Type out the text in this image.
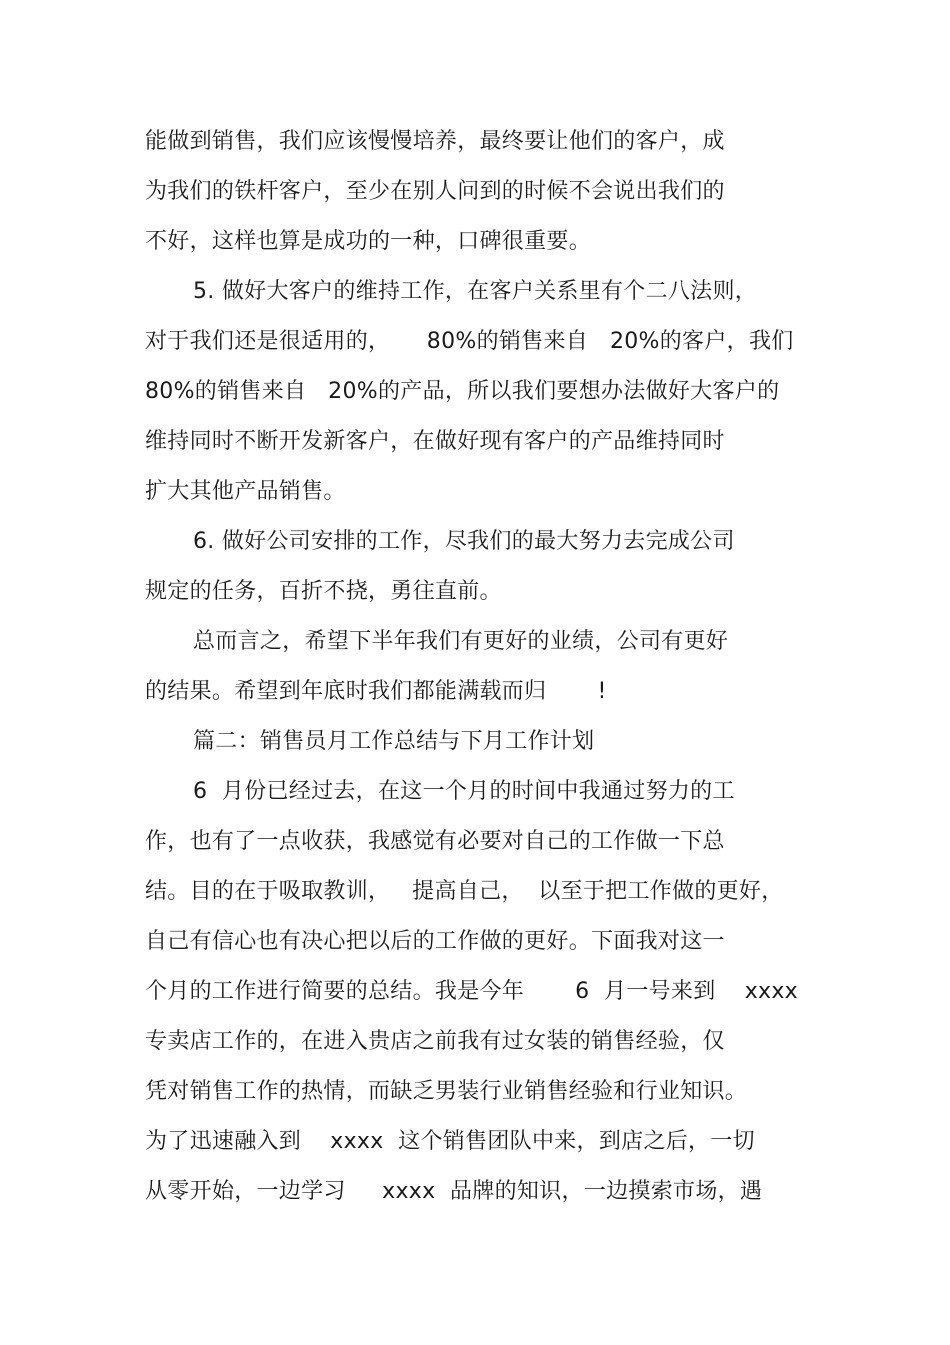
能做到销售，我们应该慢慢培养，最终要让他们的客户，成
为我们的铁杆客户，至少在别人问到的时候不会说出我们的
不好，这样也算是成功的一种，口碑很重要。
5. 做好大客户的维持工作，在客户关系里有个二八法则，
对于我们还是很适用的，     80%的销售来自   20%的客户，我们
80%的销售来自   20%的产品，所以我们要想办法做好大客户的
维持同时不断开发新客户，在做好现有客户的产品维持同时
扩大其他产品销售。
6. 做好公司安排的工作，尽我们的最大努力去完成公司
规定的任务，百折不挠，勇往直前。
总而言之，希望下半年我们有更好的业绩，公司有更好
的结果。希望到年底时我们都能满载而归       !
篇二：销售员月工作总结与下月工作计划
6  月份已经过去，在这一个月的时间中我通过努力的工
作，也有了一点收获，我感觉有必要对自己的工作做一下总
结。目的在于吸取教训，   提高自己，  以至于把工作做的更好，
自己有信心也有决心把以后的工作做的更好。下面我对这一
个月的工作进行简要的总结。我是今年       6  月一号来到    xxxx
专卖店工作的，在进入贵店之前我有过女装的销售经验，仅
凭对销售工作的热情，而缺乏男装行业销售经验和行业知识。
为了迅速融入到    xxxx  这个销售团队中来，到店之后，一切
从零开始，一边学习     xxxx  品牌的知识，一边摸索市场，遇
